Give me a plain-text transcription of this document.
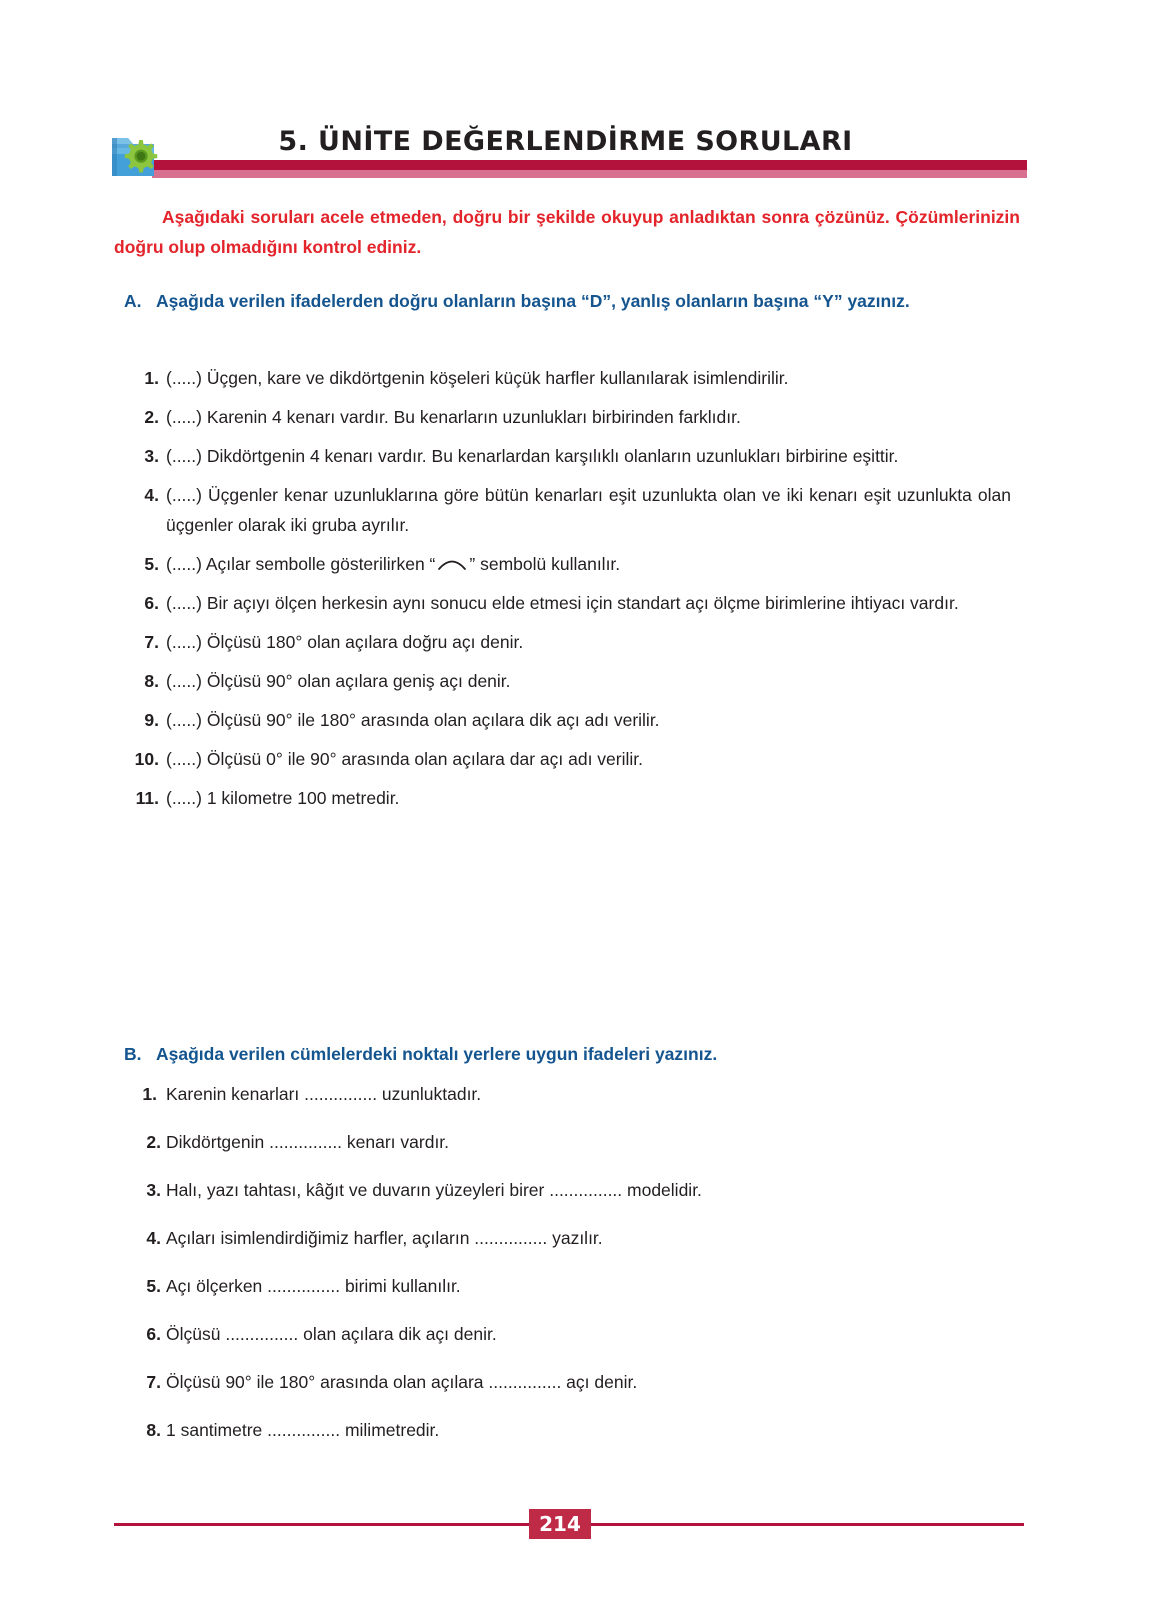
5. ÜNİTE DEĞERLENDİRME SORULARI
Aşağıdaki soruları acele etmeden, doğru bir şekilde okuyup anladıktan sonra çözünüz. Çözümlerinizin doğru olup olmadığını kontrol ediniz.
A. Aşağıda verilen ifadelerden doğru olanların başına “D”, yanlış olanların başına “Y” yazınız.
1. (.....) Üçgen, kare ve dikdörtgenin köşeleri küçük harfler kullanılarak isimlendirilir.
2. (.....) Karenin 4 kenarı vardır. Bu kenarların uzunlukları birbirinden farklıdır.
3. (.....) Dikdörtgenin 4 kenarı vardır. Bu kenarlardan karşılıklı olanların uzunlukları birbirine eşittir.
4. (.....) Üçgenler kenar uzunluklarına göre bütün kenarları eşit uzunlukta olan ve iki kenarı eşit uzunlukta olan üçgenler olarak iki gruba ayrılır.
5. (.....) Açılar sembolle gösterilirken “ ” sembolü kullanılır.
6. (.....) Bir açıyı ölçen herkesin aynı sonucu elde etmesi için standart açı ölçme birimlerine ihtiyacı vardır.
7. (.....) Ölçüsü 180° olan açılara doğru açı denir.
8. (.....) Ölçüsü 90° olan açılara geniş açı denir.
9. (.....) Ölçüsü 90° ile 180° arasında olan açılara dik açı adı verilir.
10. (.....) Ölçüsü 0° ile 90° arasında olan açılara dar açı adı verilir.
11. (.....) 1 kilometre 100 metredir.
B. Aşağıda verilen cümlelerdeki noktalı yerlere uygun ifadeleri yazınız.
1. Karenin kenarları ............... uzunluktadır.
2. Dikdörtgenin ............... kenarı vardır.
3. Halı, yazı tahtası, kâğıt ve duvarın yüzeyleri birer ............... modelidir.
4. Açıları isimlendirdiğimiz harfler, açıların ............... yazılır.
5. Açı ölçerken ............... birimi kullanılır.
6. Ölçüsü ............... olan açılara dik açı denir.
7. Ölçüsü 90° ile 180° arasında olan açılara ............... açı denir.
8. 1 santimetre ............... milimetredir.
214
